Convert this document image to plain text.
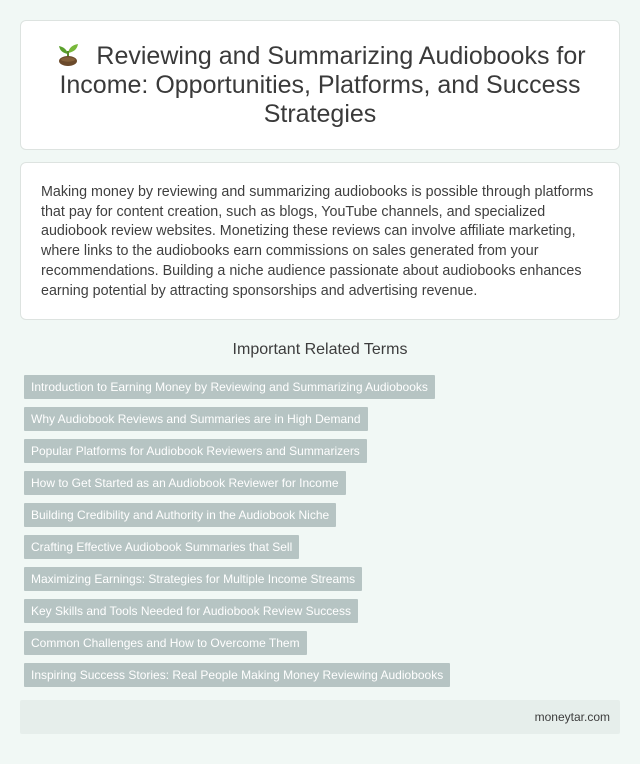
Reviewing and Summarizing Audiobooks for Income: Opportunities, Platforms, and Success Strategies

Making money by reviewing and summarizing audiobooks is possible through platforms that pay for content creation, such as blogs, YouTube channels, and specialized audiobook review websites. Monetizing these reviews can involve affiliate marketing, where links to the audiobooks earn commissions on sales generated from your recommendations. Building a niche audience passionate about audiobooks enhances earning potential by attracting sponsorships and advertising revenue.

Important Related Terms
Introduction to Earning Money by Reviewing and Summarizing Audiobooks
Why Audiobook Reviews and Summaries are in High Demand
Popular Platforms for Audiobook Reviewers and Summarizers
How to Get Started as an Audiobook Reviewer for Income
Building Credibility and Authority in the Audiobook Niche
Crafting Effective Audiobook Summaries that Sell
Maximizing Earnings: Strategies for Multiple Income Streams
Key Skills and Tools Needed for Audiobook Review Success
Common Challenges and How to Overcome Them
Inspiring Success Stories: Real People Making Money Reviewing Audiobooks
moneytar.com
